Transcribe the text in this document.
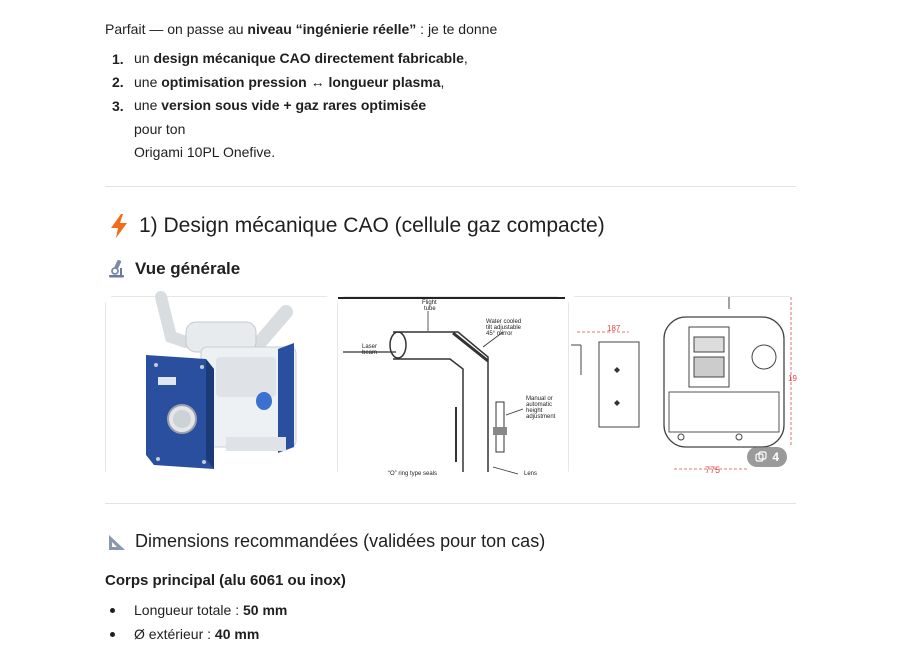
Parfait — on passe au niveau “ingénierie réelle” : je te donne
1. un design mécanique CAO directement fabricable,
2. une optimisation pression ↔ longueur plasma,
3. une version sous vide + gaz rares optimisée
pour ton
Origami 10PL Onefive.
1) Design mécanique CAO (cellule gaz compacte)
Vue générale
Flight
tube
Water cooled
tilt adjustable
45° mirror
Laser
beam
Manual or
automatic
height
adjustment
“O” ring type seals	Lens
187
19
775
4
Dimensions recommandées (validées pour ton cas)
Corps principal (alu 6061 ou inox)
Longueur totale :
50 mm
Ø extérieur :
40 mm
